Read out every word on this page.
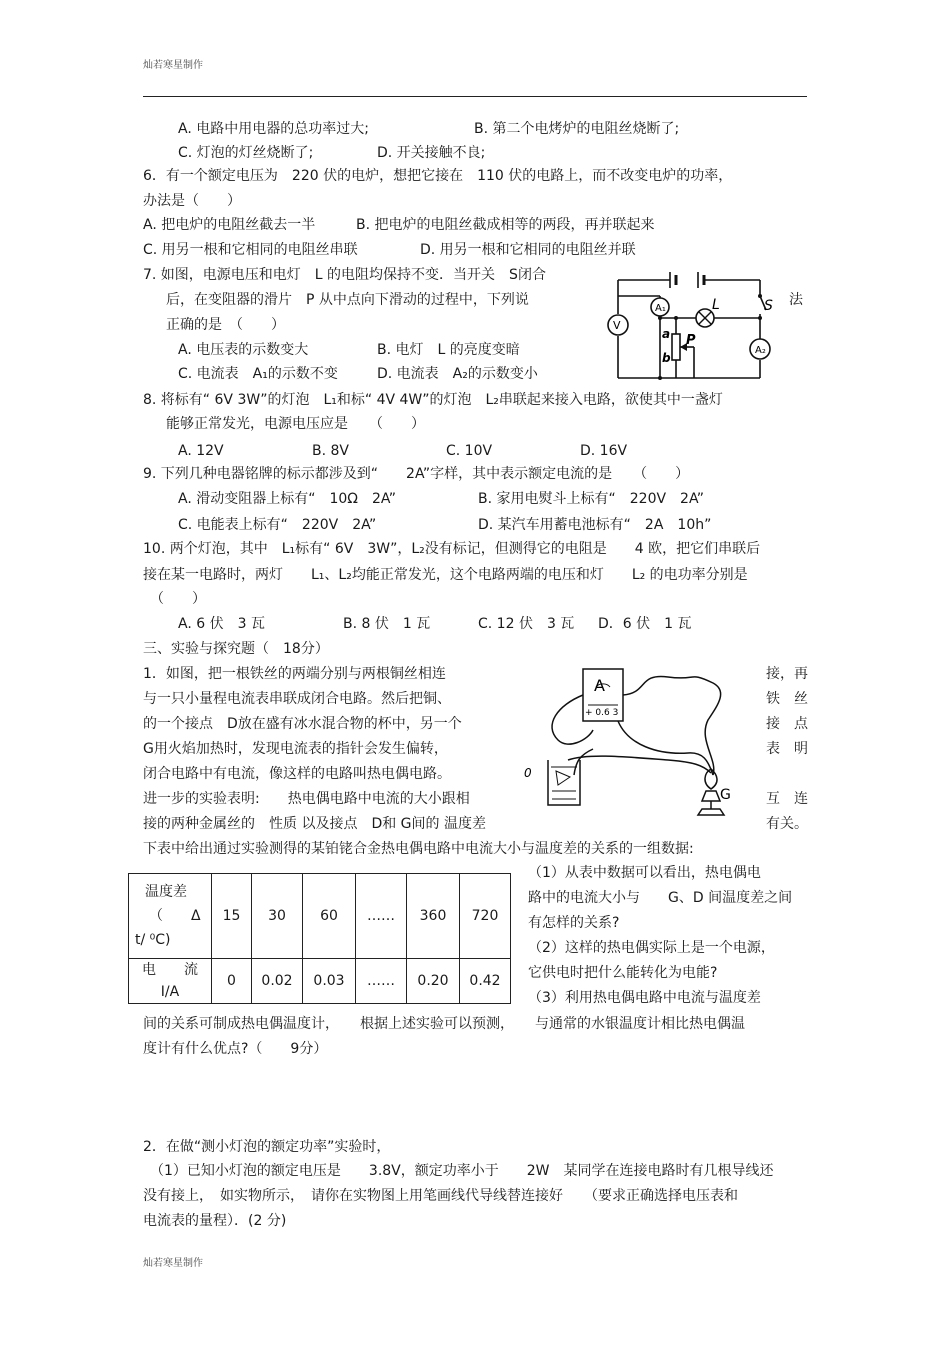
灿若寒星制作
A. 电路中用电器的总功率过大;	B. 第二个电烤炉的电阻丝烧断了;
C. 灯泡的灯丝烧断了;	D. 开关接触不良;
6．有一个额定电压为　220 伏的电炉，想把它接在　110 伏的电路上，而不改变电炉的功率，
办法是（　　）
A. 把电炉的电阻丝截去一半	B. 把电炉的电阻丝截成相等的两段，再并联起来
C. 用另一根和它相同的电阻丝串联	D. 用另一根和它相同的电阻丝并联
7. 如图，电源电压和电灯　L 的电阻均保持不变．当开关　S闭合
后，在变阻器的滑片　P 从中点向下滑动的过程中，下列说	法
正确的是　（　　）
A. 电压表的示数变大	B. 电灯　L 的亮度变暗
C. 电流表　A₁的示数不变	D. 电流表　A₂的示数变小
A₁
V
A₂
L	S
P
a
b
8. 将标有“ 6V 3W”的灯泡　L₁和标“ 4V 4W”的灯泡　L₂串联起来接入电路，欲使其中一盏灯
能够正常发光，电源电压应是　　（　　）
A. 12V	B. 8V	C. 10V	D. 16V
9. 下列几种电器铭牌的标示都涉及到“　　2A”字样，其中表示额定电流的是　　（　　）
A. 滑动变阻器上标有“　10Ω　2A”	B. 家用电熨斗上标有“　220V　2A”
C. 电能表上标有“　220V　2A”	D. 某汽车用蓄电池标有“　2A　10h”
10. 两个灯泡，其中　L₁标有“ 6V　3W”，L₂没有标记，但测得它的电阻是　　4 欧，把它们串联后
接在某一电路时，两灯　　L₁、L₂均能正常发光，这个电路两端的电压和灯　　L₂ 的电功率分别是
（　　）
A. 6 伏　3 瓦	B. 8 伏　1 瓦	C. 12 伏　3 瓦 D．6 伏　1 瓦
三、实验与探究题（　18分）
1．如图，把一根铁丝的两端分别与两根铜丝相连	接，再
与一只小量程电流表串联成闭合电路。然后把铜、	铁　丝
的一个接点　D放在盛有冰水混合物的杯中，另一个	接　点
G用火焰加热时，发现电流表的指针会发生偏转，	表　明
闭合电路中有电流，像这样的电路叫热电偶电路。
进一步的实验表明:　　热电偶电路中电流的大小跟相	互　连
接的两种金属丝的　性质 以及接点　D和 G间的 温度差	有关。
下表中给出通过实验测得的某铂铑合金热电偶电路中电流大小与温度差的关系的一组数据:
A
+ 0.6 3
G
0
温度差
（　　Δ
t/ ⁰C)	15	30	60	……	360	720

电　　流
I/A	0	0.02	0.03	……	0.20	0.42
（1）从表中数据可以看出，热电偶电
路中的电流大小与　　G、D 间温度差之间
有怎样的关系?
（2）这样的热电偶实际上是一个电源，
它供电时把什么能转化为电能?
（3）利用热电偶电路中电流与温度差
间的关系可制成热电偶温度计，　　根据上述实验可以预测，　　与通常的水银温度计相比热电偶温
度计有什么优点?（　　9分）
2．在做“测小灯泡的额定功率”实验时，
（1）已知小灯泡的额定电压是　　3.8V，额定功率小于　　2W　某同学在连接电路时有几根导线还
没有接上，　如实物所示，　请你在实物图上用笔画线代导线替连接好　　（要求正确选择电压表和
电流表的量程）．(2 分)
灿若寒星制作
